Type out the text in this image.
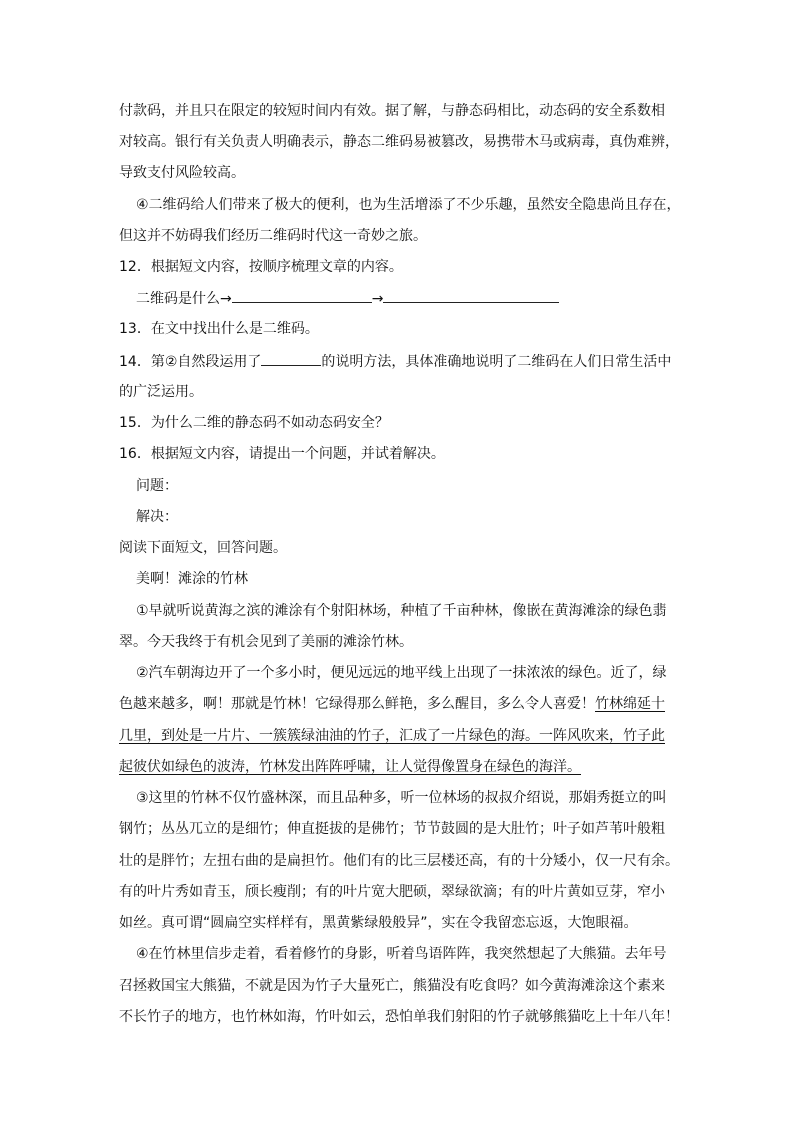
付款码，并且只在限定的较短时间内有效。据了解，与静态码相比，动态码的安全系数相
对较高。银行有关负责人明确表示，静态二维码易被篡改，易携带木马或病毒，真伪难辨，
导致支付风险较高。
④二维码给人们带来了极大的便利，也为生活增添了不少乐趣，虽然安全隐患尚且存在，
但这并不妨碍我们经历二维码时代这一奇妙之旅。
12．根据短文内容，按顺序梳理文章的内容。
二维码是什么→	→
13．在文中找出什么是二维码。
14．第②自然段运用了	的说明方法，具体准确地说明了二维码在人们日常生活中
的广泛运用。
15．为什么二维的静态码不如动态码安全？
16．根据短文内容，请提出一个问题，并试着解决。
问题：
解决：
阅读下面短文，回答问题。
美啊！滩涂的竹林
①早就听说黄海之滨的滩涂有个射阳林场，种植了千亩种林，像嵌在黄海滩涂的绿色翡
翠。今天我终于有机会见到了美丽的滩涂竹林。
②汽车朝海边开了一个多小时，便见远远的地平线上出现了一抹浓浓的绿色。近了，绿
色越来越多，啊！那就是竹林！它绿得那么鲜艳，多么醒目，多么令人喜爱！竹林绵延十
几里，到处是一片片、一簇簇绿油油的竹子，汇成了一片绿色的海。一阵风吹来，竹子此
起彼伏如绿色的波涛，竹林发出阵阵呼啸，让人觉得像置身在绿色的海洋。
③这里的竹林不仅竹盛林深，而且品种多，听一位林场的叔叔介绍说，那娟秀挺立的叫
钢竹；丛丛兀立的是细竹；伸直挺拔的是佛竹；节节鼓圆的是大肚竹；叶子如芦苇叶般粗
壮的是胖竹；左扭右曲的是扁担竹。他们有的比三层楼还高，有的十分矮小，仅一尺有余。
有的叶片秀如青玉，颀长瘦削；有的叶片宽大肥硕，翠绿欲滴；有的叶片黄如豆芽，窄小
如丝。真可谓“圆扁空实样样有，黑黄紫绿般般异”，实在令我留恋忘返，大饱眼福。
④在竹林里信步走着，看着修竹的身影，听着鸟语阵阵，我突然想起了大熊猫。去年号
召拯救国宝大熊猫，不就是因为竹子大量死亡，熊猫没有吃食吗？如今黄海滩涂这个素来
不长竹子的地方，也竹林如海，竹叶如云，恐怕单我们射阳的竹子就够熊猫吃上十年八年！
